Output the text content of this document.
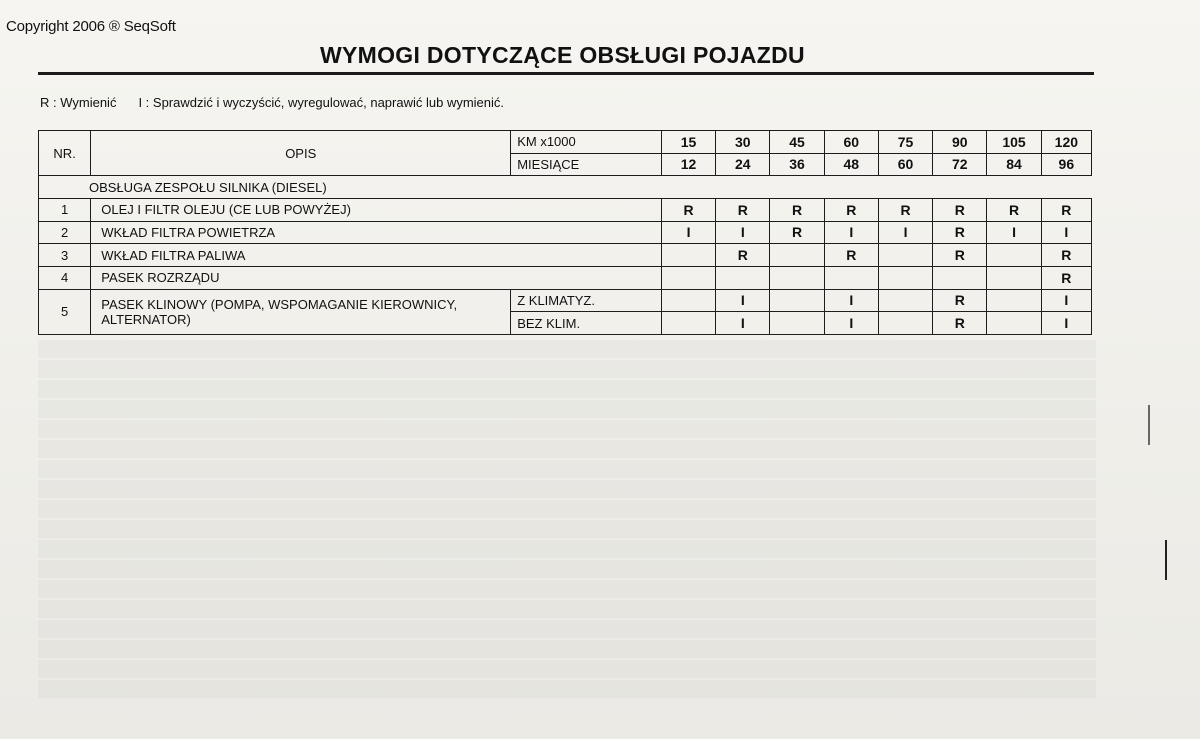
Copyright 2006 ® SeqSoft
WYMOGI DOTYCZĄCE OBSŁUGI POJAZDU
R : Wymienić I : Sprawdzić i wyczyścić, wyregulować, naprawić lub wymienić.
NR.	OPIS	KM x1000	15	30	45	60	75	90	105	120
		MIESIĄCE	12	24	36	48	60	72	84	96
OBSŁUGA ZESPOŁU SILNIKA (DIESEL)										
1	OLEJ I FILTR OLEJU (CE LUB POWYŻEJ)		R	R	R	R	R	R	R	R
2	WKŁAD FILTRA POWIETRZA		I	I	R	I	I	R	I	I
3	WKŁAD FILTRA PALIWA			R		R		R		R
4	PASEK ROZRZĄDU									R
5	PASEK KLINOWY (POMPA, WSPOMAGANIE KIEROWNICY, ALTERNATOR)	Z KLIMATYZ.		I		I		R		I
		BEZ KLIM.		I		I		R		I
